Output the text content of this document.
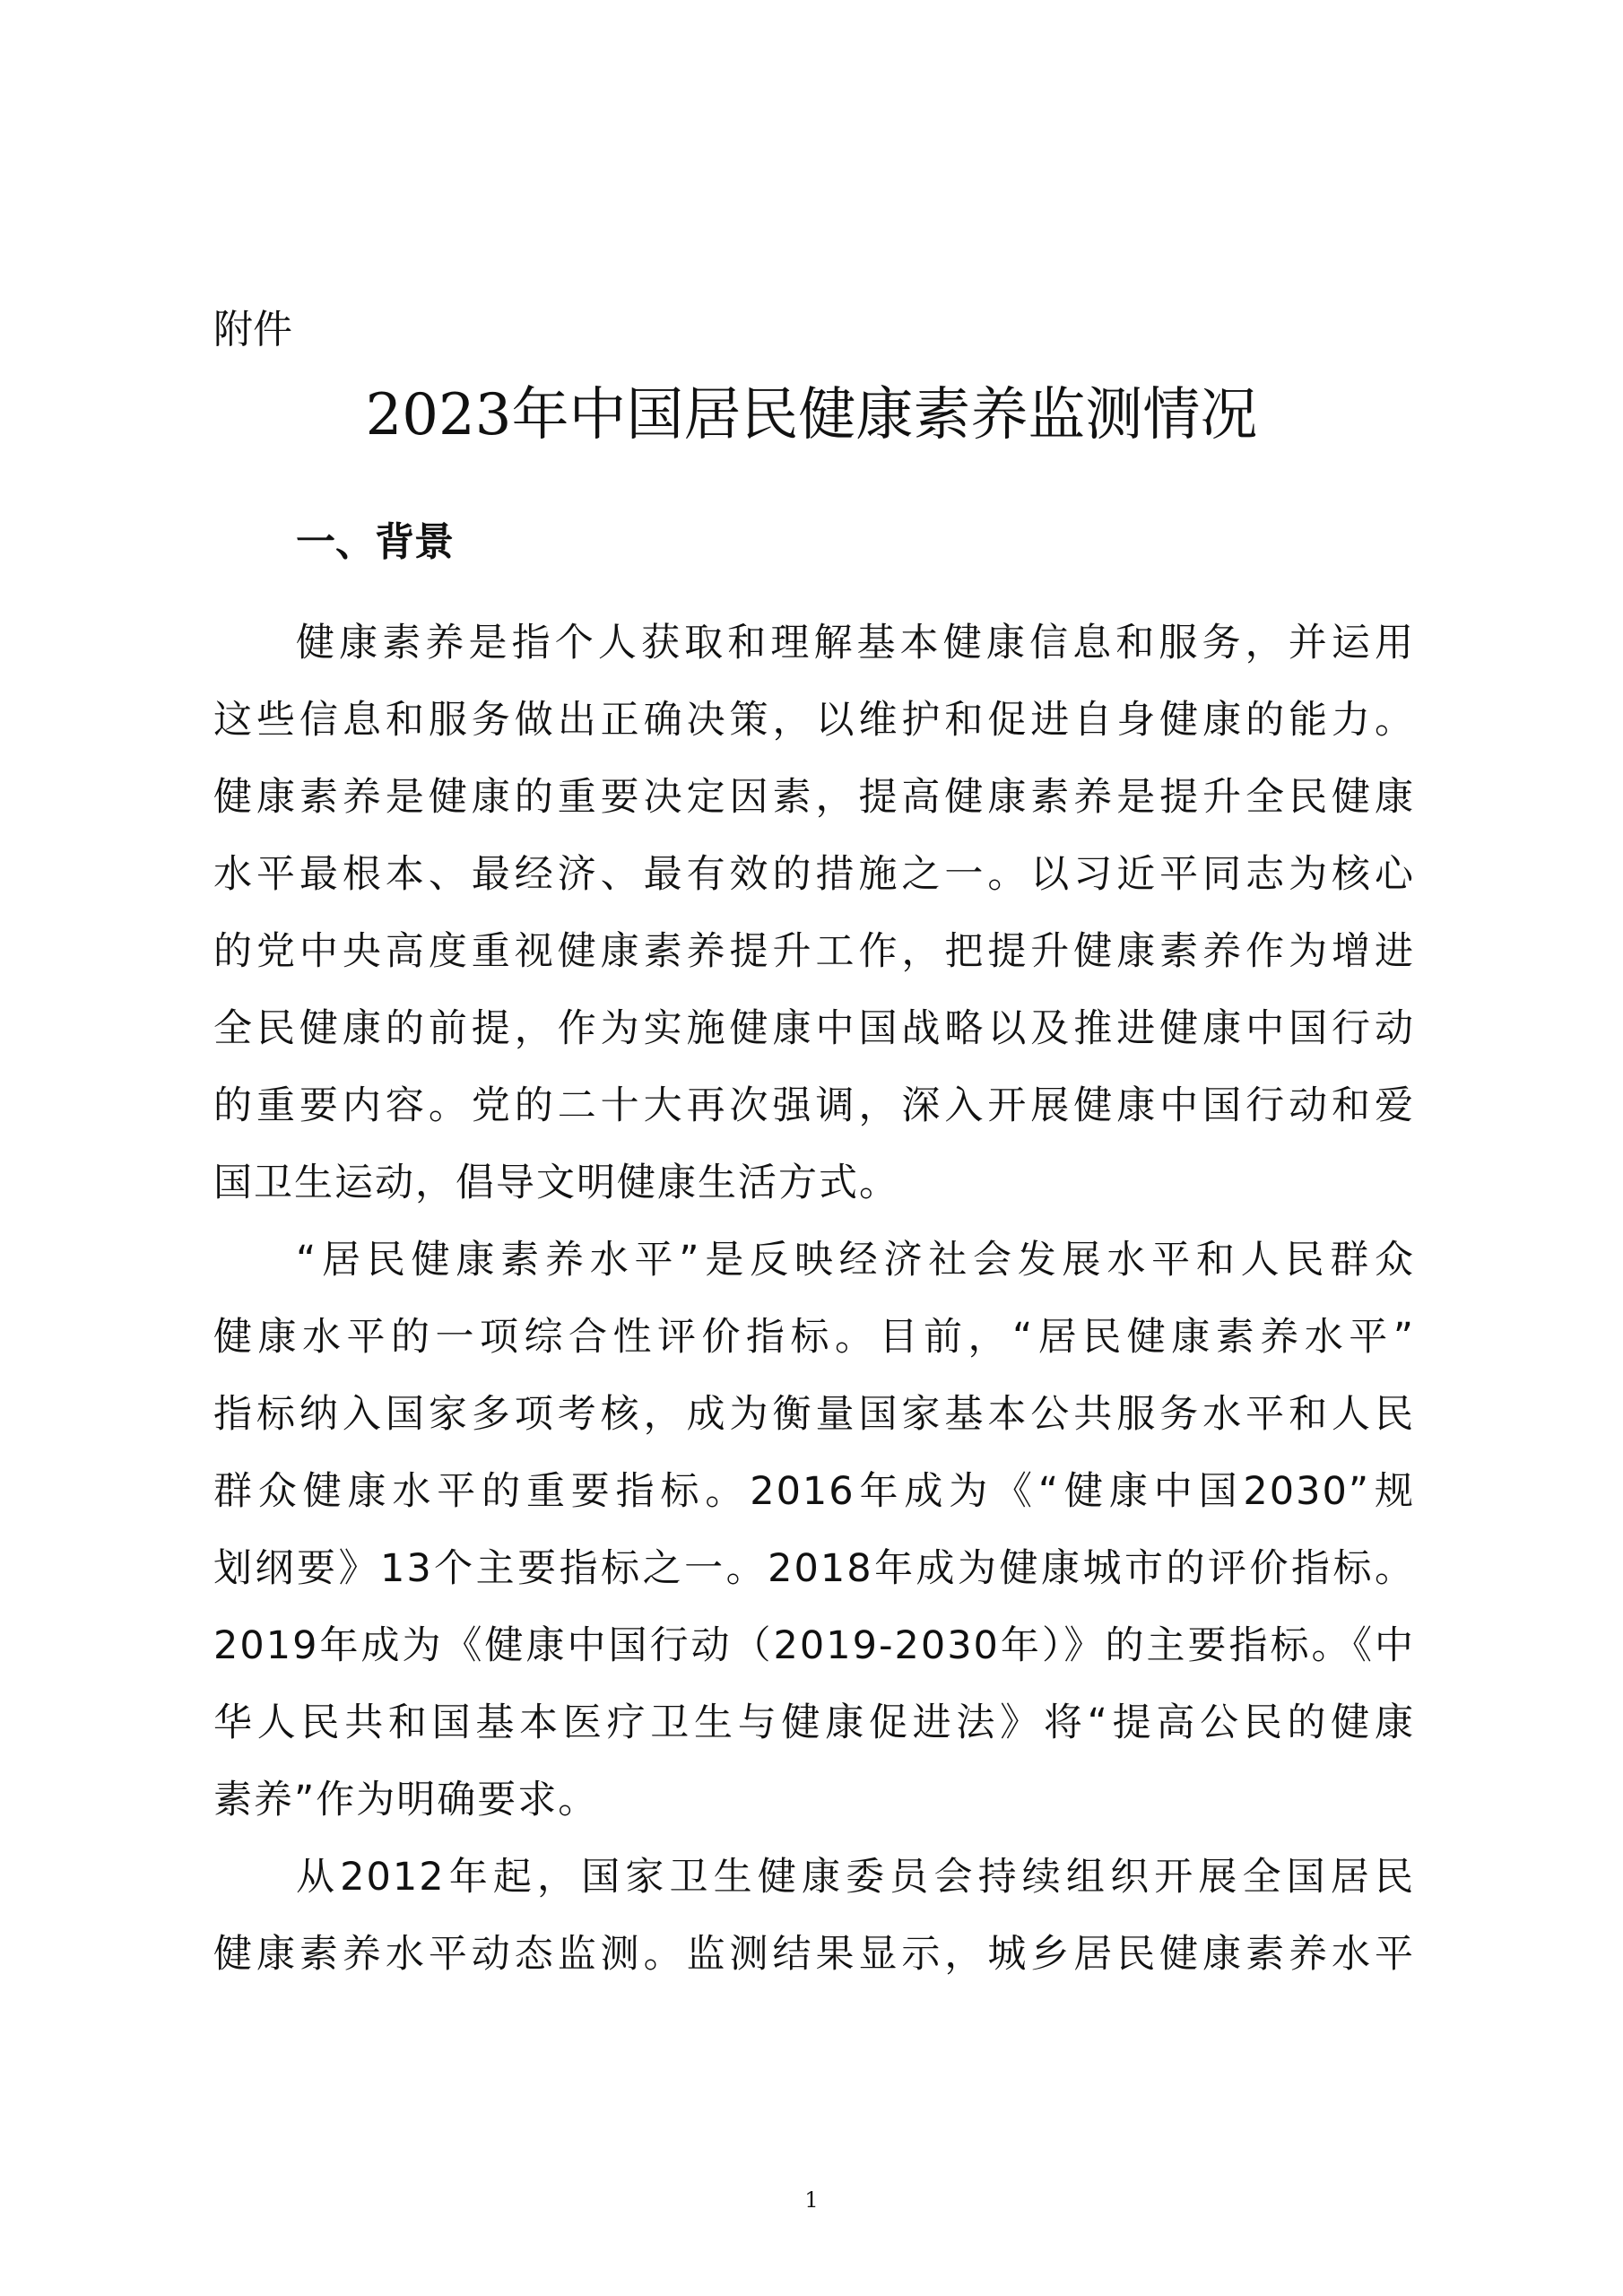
附件
2023年中国居民健康素养监测情况
一、背景
健康素养是指个人获取和理解基本健康信息和服务，并运用
这些信息和服务做出正确决策，以维护和促进自身健康的能力。
健康素养是健康的重要决定因素，提高健康素养是提升全民健康
水平最根本、最经济、最有效的措施之一。以习近平同志为核心
的党中央高度重视健康素养提升工作，把提升健康素养作为增进
全民健康的前提，作为实施健康中国战略以及推进健康中国行动
的重要内容。党的二十大再次强调，深入开展健康中国行动和爱
国卫生运动，倡导文明健康生活方式。
“居民健康素养水平”是反映经济社会发展水平和人民群众
健康水平的一项综合性评价指标。目前，“居民健康素养水平”
指标纳入国家多项考核，成为衡量国家基本公共服务水平和人民
群众健康水平的重要指标。2016年成为《“健康中国2030”规
划纲要》13个主要指标之一。2018年成为健康城市的评价指标。
2019年成为《健康中国行动（2019-2030年）》的主要指标。《中
华人民共和国基本医疗卫生与健康促进法》将“提高公民的健康
素养”作为明确要求。
从2012年起，国家卫生健康委员会持续组织开展全国居民
健康素养水平动态监测。监测结果显示，城乡居民健康素养水平
1
